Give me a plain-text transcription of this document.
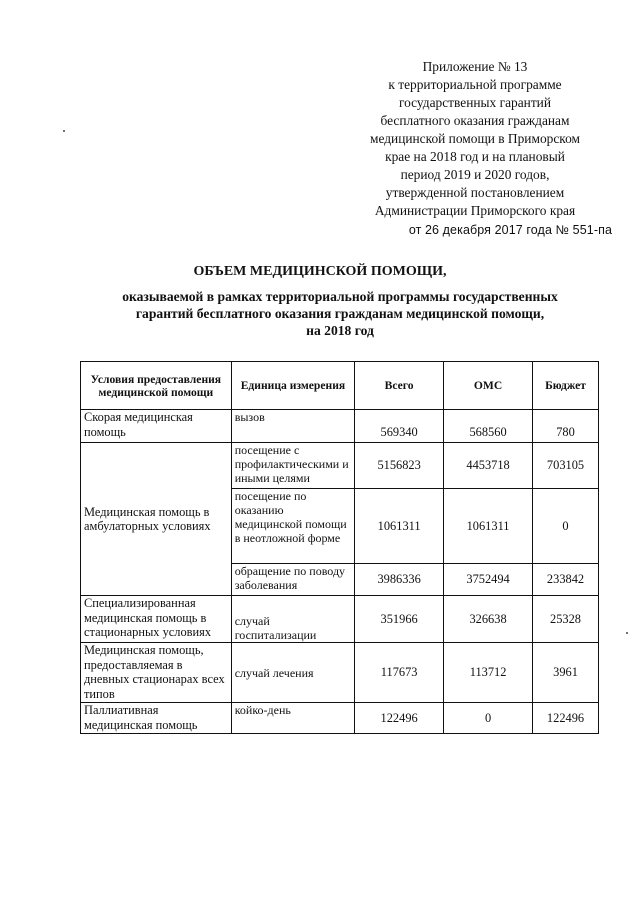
Приложение № 13
к территориальной программе
государственных гарантий
бесплатного оказания гражданам
медицинской помощи в Приморском
крае на 2018 год и на плановый
период 2019 и 2020 годов,
утвержденной постановлением
Администрации Приморского края
от 26 декабря 2017 года № 551-па
ОБЪЕМ МЕДИЦИНСКОЙ ПОМОЩИ,
оказываемой в рамках территориальной программы государственных
гарантий бесплатного оказания гражданам медицинской помощи,
на 2018 год
Условия предоставления медицинской помощи	Единица измерения	Всего	ОМС	Бюджет
Скорая медицинская помощь	вызов	569340	568560	780
Медицинская помощь в амбулаторных условиях	посещение с профилактическими и иными целями	5156823	4453718	703105
	посещение по оказанию медицинской помощи в неотложной форме	1061311	1061311	0
	обращение по поводу заболевания	3986336	3752494	233842
Специализированная медицинская помощь в стационарных условиях	случай госпитализации	351966	326638	25328
Медицинская помощь, предоставляемая в дневных стационарах всех типов	случай лечения	117673	113712	3961
Паллиативная медицинская помощь	койко-день	122496	0	122496
